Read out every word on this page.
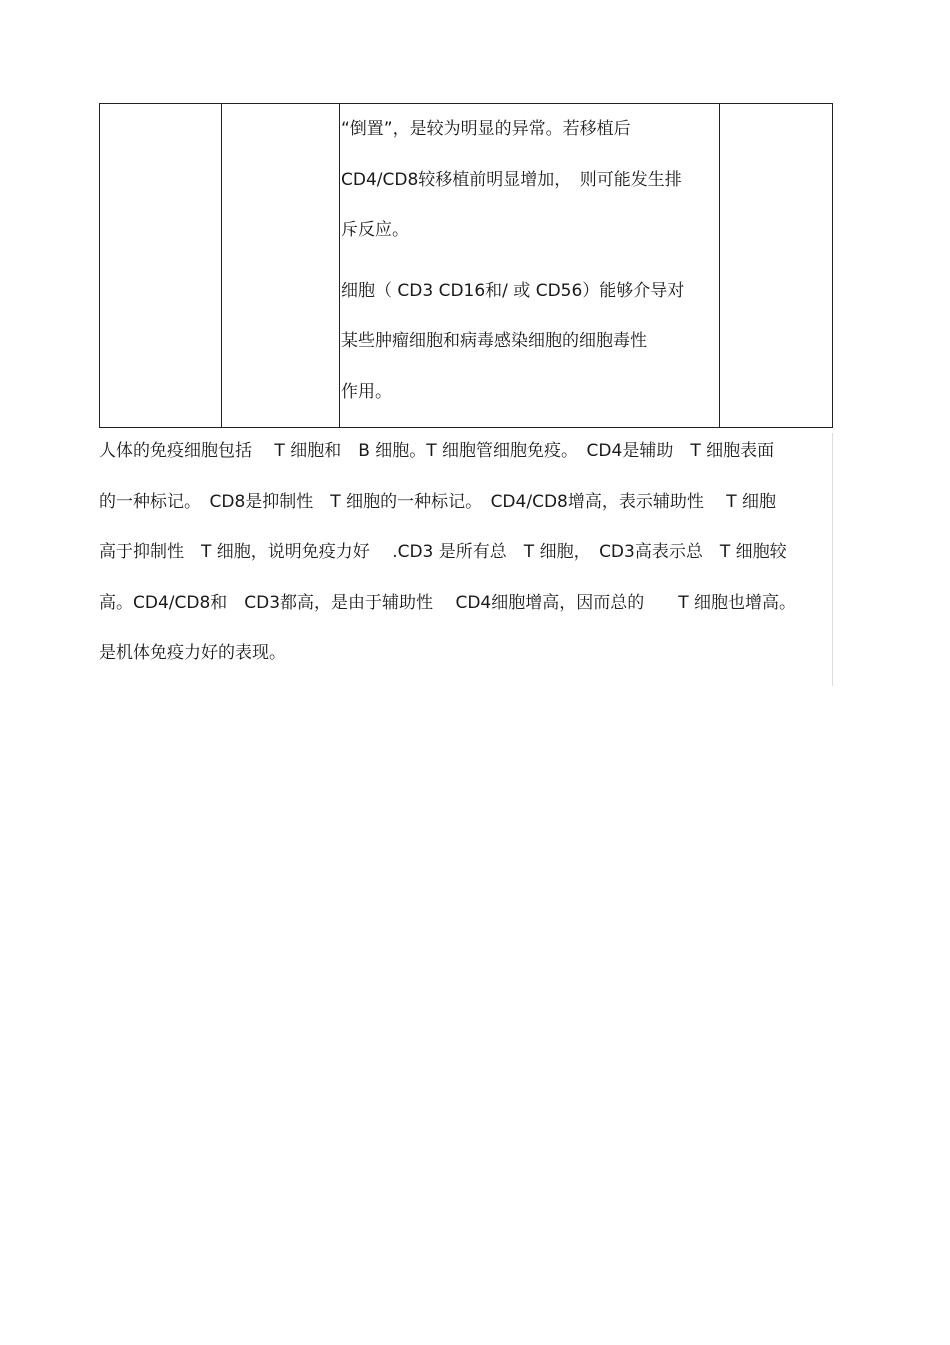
“倒置”，是较为明显的异常。若移植后
CD4/CD8较移植前明显增加，　则可能发生排
斥反应。
细胞（ CD3 CD16和/ 或 CD56）能够介导对
某些肿瘤细胞和病毒感染细胞的细胞毒性
作用。

人体的免疫细胞包括　 T 细胞和　B 细胞。T 细胞管细胞免疫。　CD4是辅助　T 细胞表面
的一种标记。　CD8是抑制性　T 细胞的一种标记。　CD4/CD8增高，表示辅助性　 T 细胞
高于抑制性　T 细胞，说明免疫力好　 .CD3 是所有总　T 细胞，　CD3高表示总　T 细胞较
高。CD4/CD8和　CD3都高，是由于辅助性　 CD4细胞增高，因而总的　　T 细胞也增高。
是机体免疫力好的表现。
